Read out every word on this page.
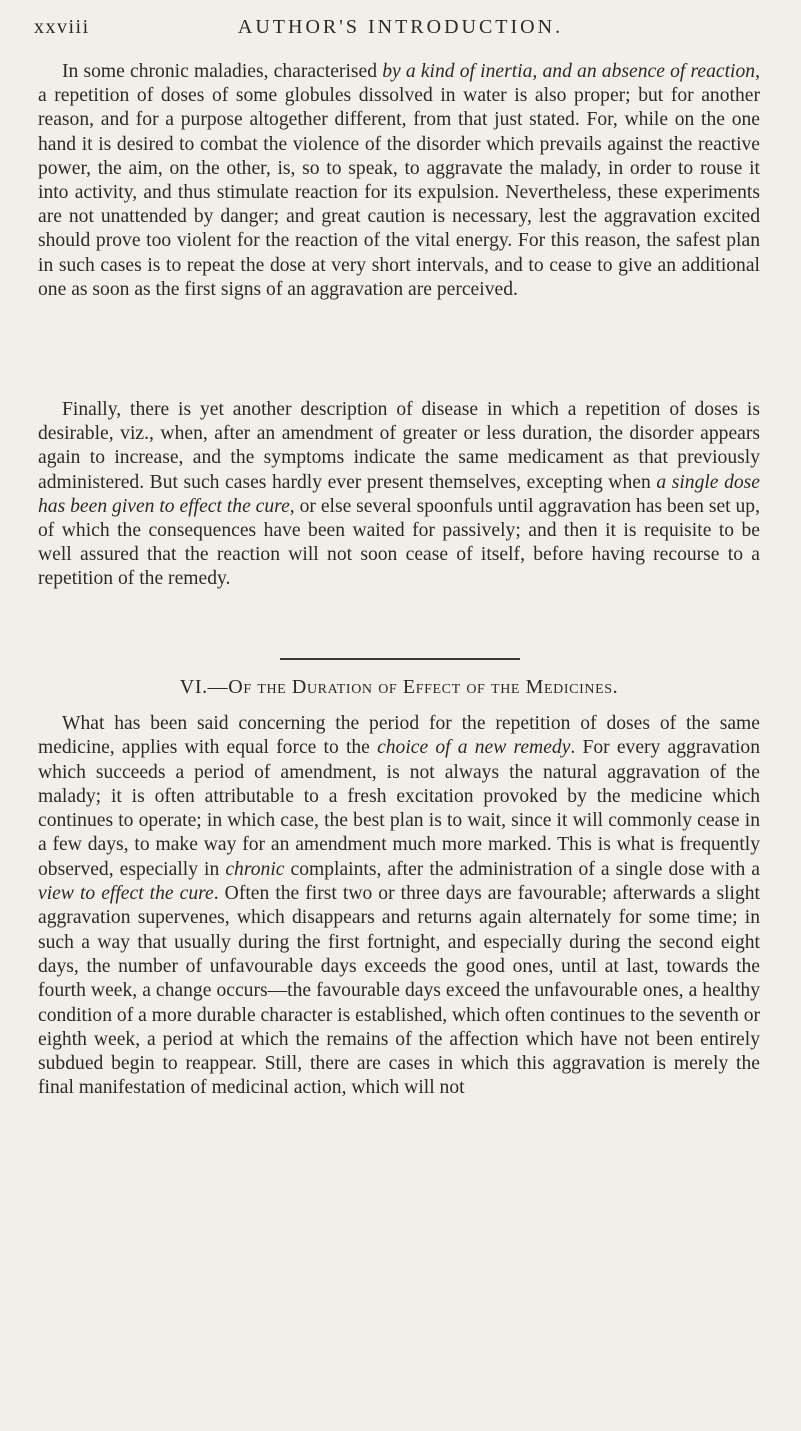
xxviii	AUTHOR'S INTRODUCTION.

In some chronic maladies, characterised by a kind of inertia, and an absence of reaction, a repetition of doses of some globules dissolved in water is also proper; but for another reason, and for a purpose altogether different, from that just stated. For, while on the one hand it is desired to combat the violence of the disorder which prevails against the reactive power, the aim, on the other, is, so to speak, to aggravate the malady, in order to rouse it into activity, and thus stimulate reaction for its expulsion. Nevertheless, these experiments are not unattended by danger; and great caution is necessary, lest the aggravation excited should prove too violent for the reaction of the vital energy. For this reason, the safest plan in such cases is to repeat the dose at very short intervals, and to cease to give an additional one as soon as the first signs of an aggravation are perceived.

Finally, there is yet another description of disease in which a repetition of doses is desirable, viz., when, after an amendment of greater or less duration, the disorder appears again to increase, and the symptoms indicate the same medicament as that previously administered. But such cases hardly ever present themselves, excepting when a single dose has been given to effect the cure, or else several spoonfuls until aggravation has been set up, of which the consequences have been waited for passively; and then it is requisite to be well assured that the reaction will not soon cease of itself, before having recourse to a repetition of the remedy.

VI.—Of the Duration of Effect of the Medicines.

What has been said concerning the period for the repetition of doses of the same medicine, applies with equal force to the choice of a new remedy. For every aggravation which succeeds a period of amendment, is not always the natural aggravation of the malady; it is often attributable to a fresh excitation provoked by the medicine which continues to operate; in which case, the best plan is to wait, since it will commonly cease in a few days, to make way for an amendment much more marked. This is what is frequently observed, especially in chronic complaints, after the administration of a single dose with a view to effect the cure. Often the first two or three days are favourable; afterwards a slight aggravation supervenes, which disappears and returns again alternately for some time; in such a way that usually during the first fortnight, and especially during the second eight days, the number of unfavourable days exceeds the good ones, until at last, towards the fourth week, a change occurs—the favourable days exceed the unfavourable ones, a healthy condition of a more durable character is established, which often continues to the seventh or eighth week, a period at which the remains of the affection which have not been entirely subdued begin to reappear. Still, there are cases in which this aggravation is merely the final manifestation of medicinal action, which will not
